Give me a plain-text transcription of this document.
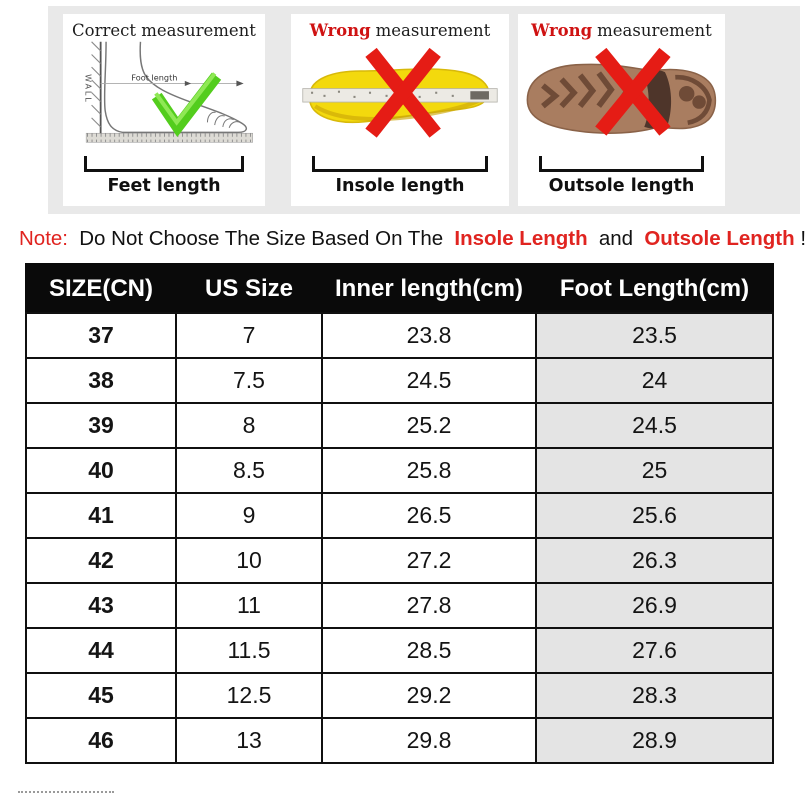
Correct measurement
WALL	Foot length
Feet length
Wrong measurement
Insole length
Wrong measurement
Outsole length
Note: Do Not Choose The Size Based On The Insole Length and Outsole Length !
SIZE(CN)	US Size	Inner length(cm)	Foot Length(cm)
37	7	23.8	23.5
38	7.5	24.5	24
39	8	25.2	24.5
40	8.5	25.8	25
41	9	26.5	25.6
42	10	27.2	26.3
43	11	27.8	26.9
44	11.5	28.5	27.6
45	12.5	29.2	28.3
46	13	29.8	28.9
